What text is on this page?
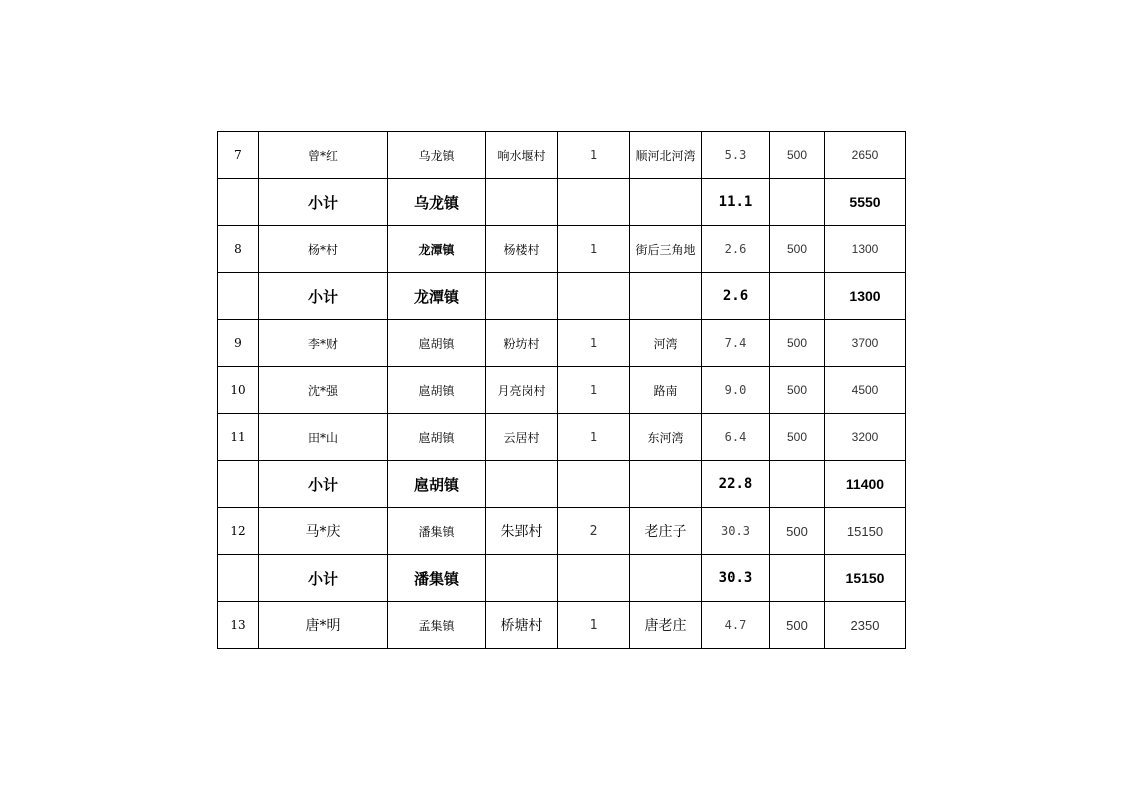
7	曾*红	乌龙镇	响水堰村	1	顺河北河湾	5.3	500	2650
	小计	乌龙镇				11.1		5550
8	杨*村	龙潭镇	杨楼村	1	街后三角地	2.6	500	1300
	小计	龙潭镇				2.6		1300
9	李*财	扈胡镇	粉坊村	1	河湾	7.4	500	3700
10	沈*强	扈胡镇	月亮岗村	1	路南	9.0	500	4500
11	田*山	扈胡镇	云居村	1	东河湾	6.4	500	3200
	小计	扈胡镇				22.8		11400
12	马*庆	潘集镇	朱郢村	2	老庄子	30.3	500	15150
	小计	潘集镇				30.3		15150
13	唐*明	孟集镇	桥塘村	1	唐老庄	4.7	500	2350
